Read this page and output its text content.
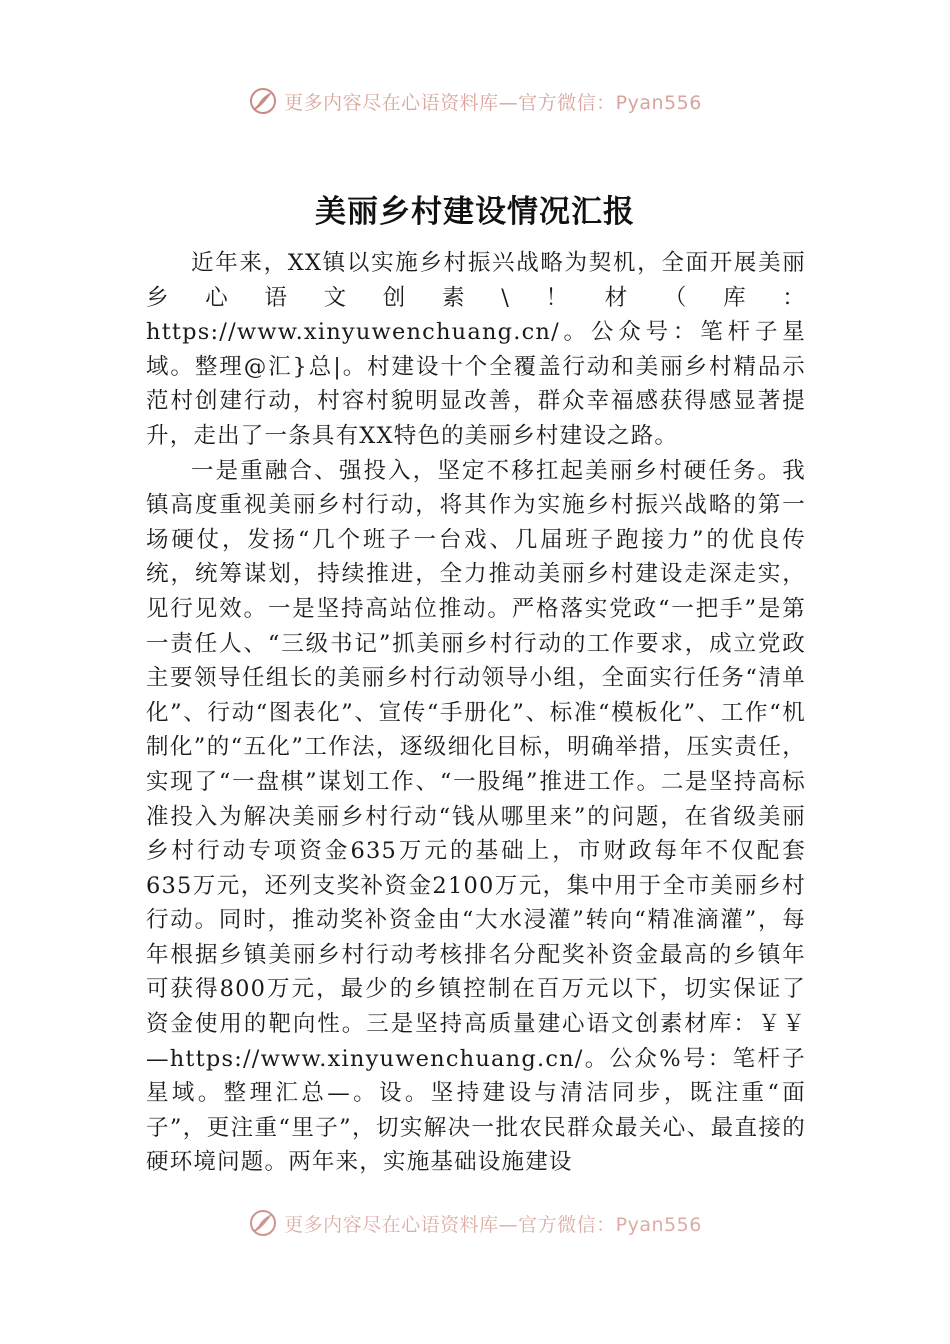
更多内容尽在心语资料库—官方微信：Pyan556
美丽乡村建设情况汇报

近年来，XX镇以实施乡村振兴战略为契机，全面开展美丽乡心语文创素\！材（库：https://www.xinyuwenchuang.cn/。公众号：笔杆子星域。整理@汇}总|。村建设十个全覆盖行动和美丽乡村精品示范村创建行动，村容村貌明显改善，群众幸福感获得感显著提升，走出了一条具有XX特色的美丽乡村建设之路。

一是重融合、强投入，坚定不移扛起美丽乡村硬任务。我镇高度重视美丽乡村行动，将其作为实施乡村振兴战略的第一场硬仗，发扬“几个班子一台戏、几届班子跑接力”的优良传统，统筹谋划，持续推进，全力推动美丽乡村建设走深走实，见行见效。一是坚持高站位推动。严格落实党政“一把手”是第一责任人、“三级书记”抓美丽乡村行动的工作要求，成立党政主要领导任组长的美丽乡村行动领导小组，全面实行任务“清单化”、行动“图表化”、宣传“手册化”、标准“模板化”、工作“机制化”的“五化”工作法，逐级细化目标，明确举措，压实责任，实现了“一盘棋”谋划工作、“一股绳”推进工作。二是坚持高标准投入为解决美丽乡村行动“钱从哪里来”的问题，在省级美丽乡村行动专项资金635万元的基础上，市财政每年不仅配套635万元，还列支奖补资金2100万元，集中用于全市美丽乡村行动。同时，推动奖补资金由“大水浸灌”转向“精准滴灌”，每年根据乡镇美丽乡村行动考核排名分配奖补资金最高的乡镇年可获得800万元，最少的乡镇控制在百万元以下，切实保证了资金使用的靶向性。三是坚持高质量建心语文创素材库：￥￥—https://www.xinyuwenchuang.cn/。公众%号：笔杆子星域。整理汇总—。设。坚持建设与清洁同步，既注重“面子”，更注重“里子”，切实解决一批农民群众最关心、最直接的硬环境问题。两年来，实施基础设施建设

更多内容尽在心语资料库—官方微信：Pyan556
